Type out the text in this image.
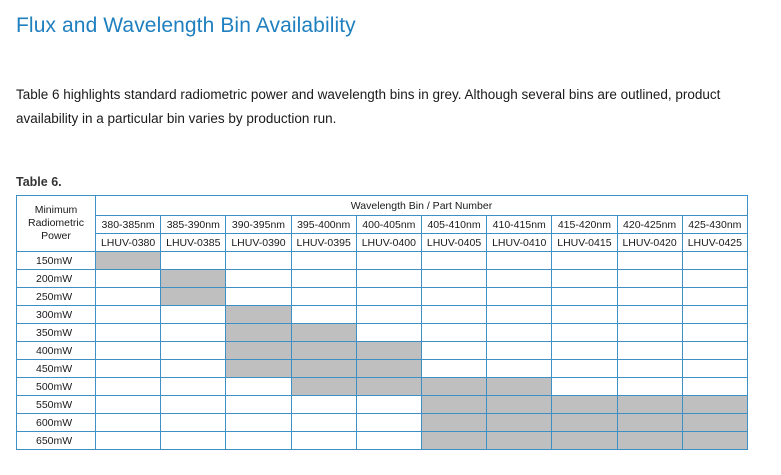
Flux and Wavelength Bin Availability

Table 6 highlights standard radiometric power and wavelength bins in grey. Although several bins are outlined, product
availability in a particular bin varies by production run.

Table 6.
Minimum
Radiometric
Power	Wavelength Bin / Part Number									
	380-385nm	385-390nm	390-395nm	395-400nm	400-405nm	405-410nm	410-415nm	415-420nm	420-425nm	425-430nm
	LHUV-0380	LHUV-0385	LHUV-0390	LHUV-0395	LHUV-0400	LHUV-0405	LHUV-0410	LHUV-0415	LHUV-0420	LHUV-0425
150mW										
200mW										
250mW										
300mW										
350mW										
400mW										
450mW										
500mW										
550mW										
600mW										
650mW										
